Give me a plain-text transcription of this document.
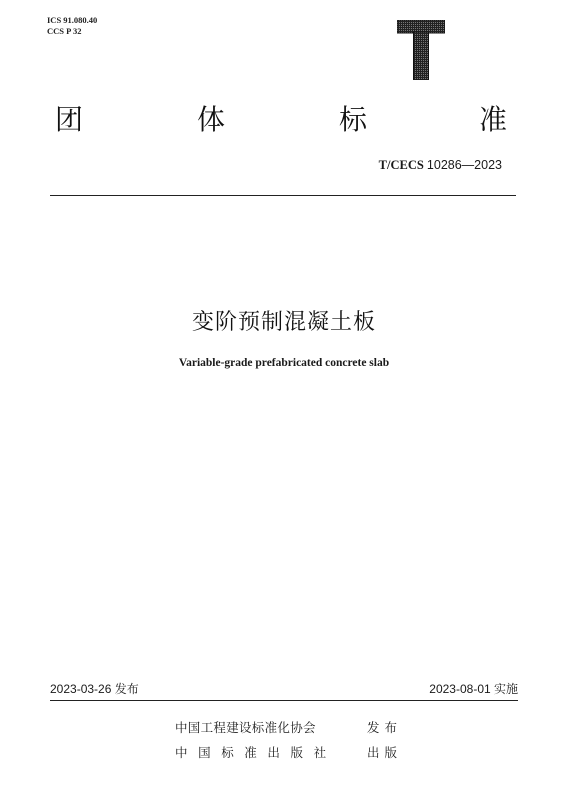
ICS 91.080.40
CCS P 32
团	体	标	准
T/CECS 10286—2023
变阶预制混凝土板
Variable-grade prefabricated concrete slab
2023-03-26 发布	2023-08-01 实施
中国工程建设标准化协会	发布
中国标准出版社 出版
